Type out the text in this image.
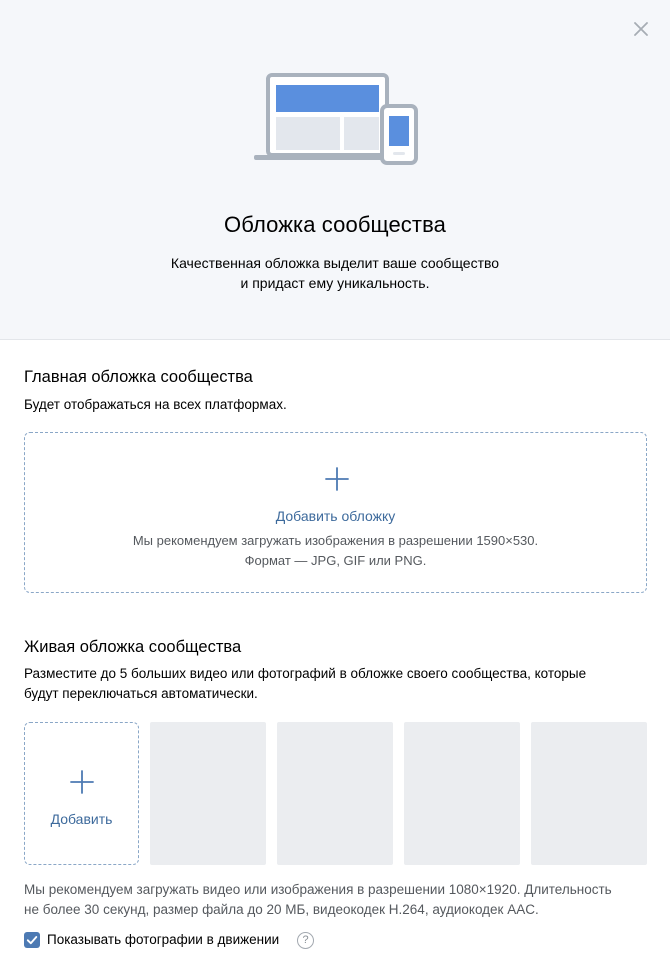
Обложка сообщества
Качественная обложка выделит ваше сообщество
и придаст ему уникальность.
Главная обложка сообщества
Будет отображаться на всех платформах.
Добавить обложку
Мы рекомендуем загружать изображения в разрешении 1590×530.
Формат — JPG, GIF или PNG.
Живая обложка сообщества
Разместите до 5 больших видео или фотографий в обложке своего сообщества, которые
будут переключаться автоматически.
Добавить
Мы рекомендуем загружать видео или изображения в разрешении 1080×1920. Длительность
не более 30 секунд, размер файла до 20 МБ, видеокодек H.264, аудиокодек AAC.
Показывать фотографии в движении	?
